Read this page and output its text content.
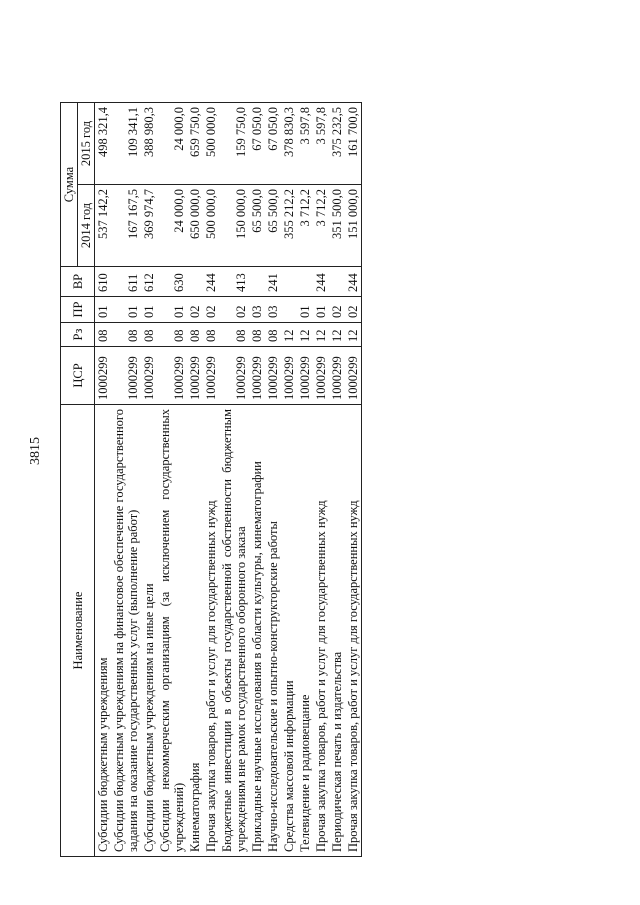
3815
Наименование	ЦСР	Рз	ПР	ВР	Сумма	
					2014 год	2015 год
Субсидии бюджетным учреждениям	1000299	08	01	610	537 142,2	498 321,4
Субсидии бюджетным учреждениям на финансовое обеспечение государственного задания на оказание государственных услуг (выполнение работ)	1000299	08	01	611	167 167,5	109 341,1
Субсидии бюджетным учреждениям на иные цели	1000299	08	01	612	369 974,7	388 980,3
Субсидии некоммерческим организациям (за исключением государственных учреждений)	1000299	08	01	630	24 000,0	24 000,0
Кинематография	1000299	08	02		650 000,0	659 750,0
Прочая закупка товаров, работ и услуг для государственных нужд	1000299	08	02	244	500 000,0	500 000,0
Бюджетные инвестиции в объекты государственной собственности бюджетным учреждениям вне рамок государственного оборонного заказа	1000299	08	02	413	150 000,0	159 750,0
Прикладные научные исследования в области культуры, кинематографии	1000299	08	03		65 500,0	67 050,0
Научно-исследовательские и опытно-конструкторские работы	1000299	08	03	241	65 500,0	67 050,0
Средства массовой информации	1000299	12			355 212,2	378 830,3
Телевидение и радиовещание	1000299	12	01		3 712,2	3 597,8
Прочая закупка товаров, работ и услуг для государственных нужд	1000299	12	01	244	3 712,2	3 597,8
Периодическая печать и издательства	1000299	12	02		351 500,0	375 232,5
Прочая закупка товаров, работ и услуг для государственных нужд	1000299	12	02	244	151 000,0	161 700,0
